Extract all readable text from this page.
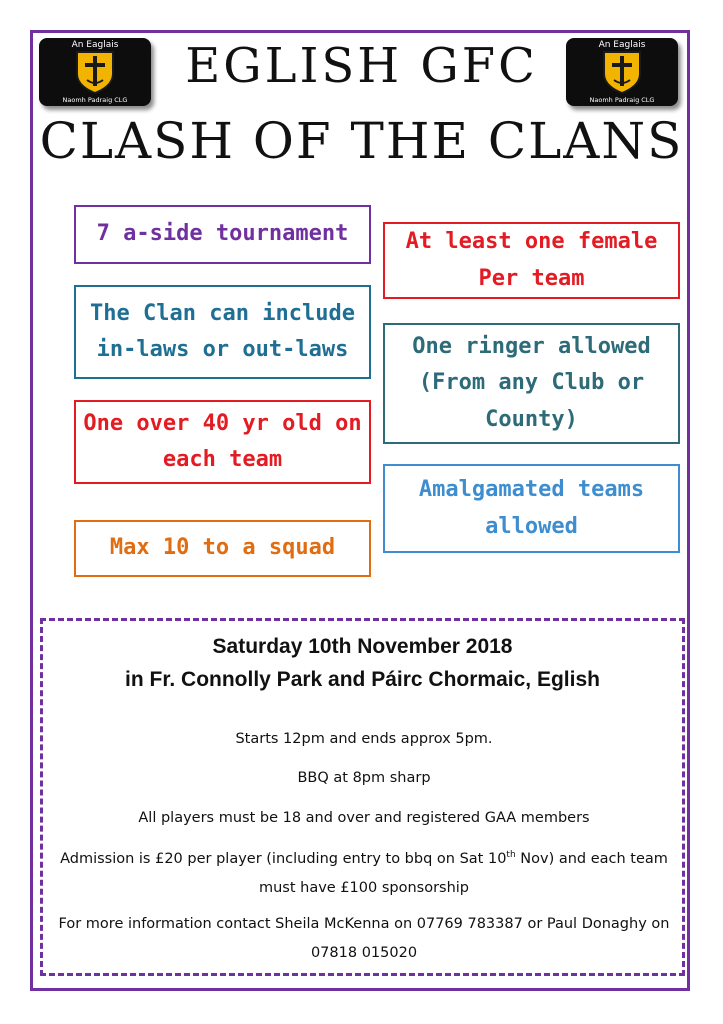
An Eaglais
Naomh Padraig CLG
An Eaglais
Naomh Padraig CLG
EGLISH GFC
CLASH OF THE CLANS
7 a-side tournament
The Clan can include in-laws or out-laws
One over 40 yr old on each team
Max 10 to a squad
At least one female Per team
One ringer allowed (From any Club or County)
Amalgamated teams allowed
Saturday 10th November 2018
in Fr. Connolly Park and Páirc Chormaic, Eglish
Starts 12pm and ends approx 5pm.
BBQ at 8pm sharp
All players must be 18 and over and registered GAA members
Admission is £20 per player (including entry to bbq on Sat 10th Nov) and each team must have £100 sponsorship
For more information contact Sheila McKenna on 07769 783387 or Paul Donaghy on 07818 015020
